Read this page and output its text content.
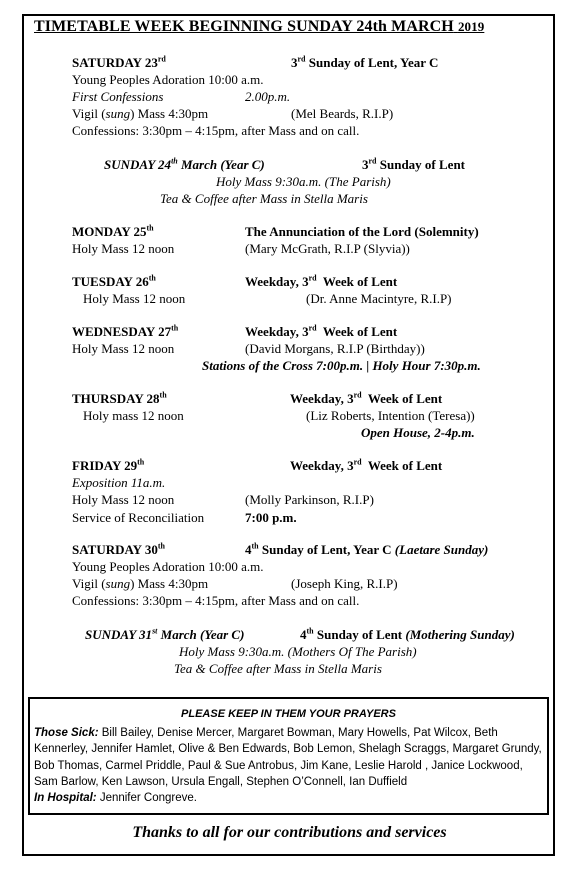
TIMETABLE WEEK BEGINNING SUNDAY 24th MARCH 2019
SATURDAY 23rd	3rd Sunday of Lent, Year C
Young Peoples Adoration 10:00 a.m.
First Confessions	2.00p.m.
Vigil (sung) Mass 4:30pm	(Mel Beards, R.I.P)
Confessions: 3:30pm – 4:15pm, after Mass and on call.
SUNDAY 24th March (Year C)	3rd Sunday of Lent
Holy Mass 9:30a.m. (The Parish)
Tea & Coffee after Mass in Stella Maris
MONDAY 25th	The Annunciation of the Lord (Solemnity)
Holy Mass 12 noon	(Mary McGrath, R.I.P (Slyvia))
TUESDAY 26th	Weekday, 3rd  Week of Lent
Holy Mass 12 noon	(Dr. Anne Macintyre, R.I.P)
WEDNESDAY 27th	Weekday, 3rd  Week of Lent
Holy Mass 12 noon	(David Morgans, R.I.P (Birthday))
Stations of the Cross 7:00p.m. | Holy Hour 7:30p.m.
THURSDAY 28th	Weekday, 3rd  Week of Lent
Holy mass 12 noon	(Liz Roberts, Intention (Teresa))
Open House, 2-4p.m.
FRIDAY 29th	Weekday, 3rd  Week of Lent
Exposition 11a.m.
Holy Mass 12 noon	(Molly Parkinson, R.I.P)
Service of Reconciliation	7:00 p.m.
SATURDAY 30th	4th Sunday of Lent, Year C (Laetare Sunday)
Young Peoples Adoration 10:00 a.m.
Vigil (sung) Mass 4:30pm	(Joseph King, R.I.P)
Confessions: 3:30pm – 4:15pm, after Mass and on call.
SUNDAY 31st March (Year C)	4th Sunday of Lent (Mothering Sunday)
Holy Mass 9:30a.m. (Mothers Of The Parish)
Tea & Coffee after Mass in Stella Maris
PLEASE KEEP IN THEM YOUR PRAYERS
Those Sick: Bill Bailey, Denise Mercer, Margaret Bowman, Mary Howells, Pat Wilcox, Beth Kennerley, Jennifer Hamlet, Olive & Ben Edwards, Bob Lemon, Shelagh Scraggs, Margaret Grundy, Bob Thomas, Carmel Priddle, Paul & Sue Antrobus, Jim Kane, Leslie Harold , Janice Lockwood, Sam Barlow, Ken Lawson, Ursula Engall, Stephen O’Connell, Ian Duffield
In Hospital: Jennifer Congreve.
Thanks to all for our contributions and services
